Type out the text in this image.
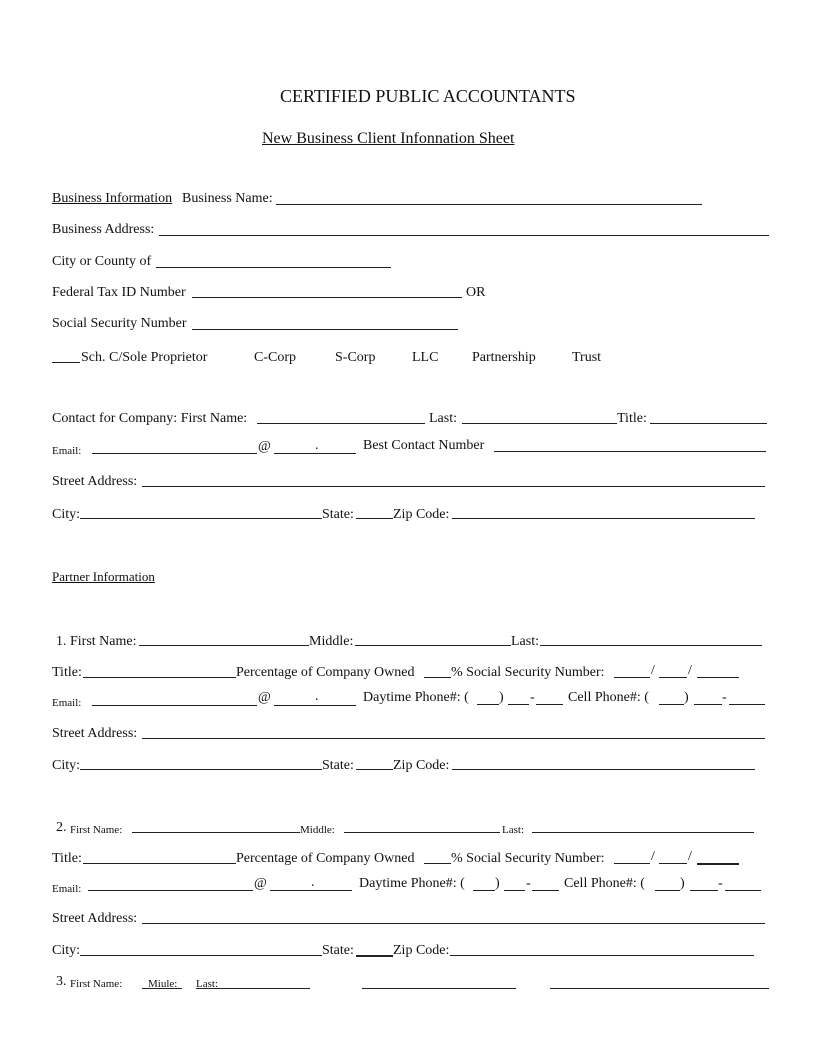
CERTIFIED PUBLIC ACCOUNTANTS
New Business Client Infonnation Sheet
Business Information Business Name:
Business Address:
City or County of
Federal Tax ID Number	OR
Social Security Number
Sch. C/Sole Proprietor	C-Corp	S-Corp	LLC Partnership	Trust
Contact for Company: First Name:	Last:	Title:
Email:	@	.	Best Contact Number
Street Address:
City:	State:	Zip Code:
Partner Information
1. First Name:	Middle:	Last:
Title:	Percentage of Company Owned	% Social Security Number:	/ /
Email:	@	.	Daytime Phone#: ( ) - Cell Phone#: (	) -
Street Address:
City:	State:	Zip Code:
2. First Name:	Middle:	Last:
Title:	Percentage of Company Owned	% Social Security Number:	/ /
Email:	@	.	Daytime Phone#: ( ) - Cell Phone#: (	) -
Street Address:
City:	State:	Zip Code:
3. First Name: Miule: Last:
